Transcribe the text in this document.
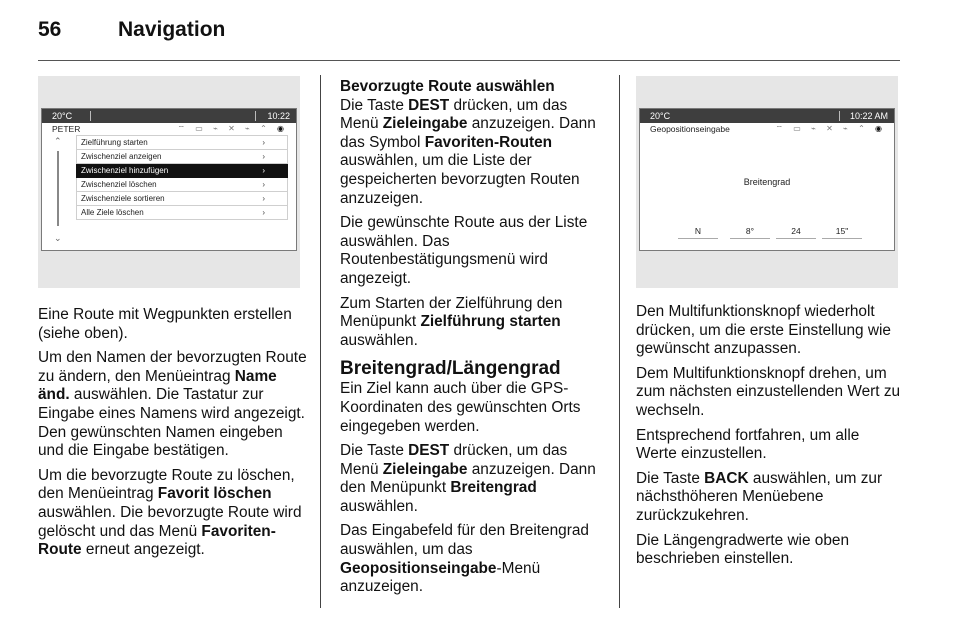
56	Navigation
20°C	10:22
PETER	⌔ ▭ ⌁ ✕ ⌁ ⌃ ◉
⌃
⌄
Zielführung starten	›
Zwischenziel anzeigen	›
Zwischenziel hinzufügen	›
Zwischenziel löschen	›
Zwischenziele sortieren	›
Alle Ziele löschen	›

Eine Route mit Wegpunkten erstellen (siehe oben).

Um den Namen der bevorzugten Route zu ändern, den Menüeintrag Name änd. auswählen. Die Tastatur zur Eingabe eines Namens wird angezeigt. Den gewünschten Namen eingeben und die Eingabe bestätigen.

Um die bevorzugte Route zu löschen, den Menüeintrag Favorit löschen auswählen. Die bevorzugte Route wird gelöscht und das Menü Favoriten-Route erneut angezeigt.

Bevorzugte Route auswählen

Die Taste DEST drücken, um das Menü Zieleingabe anzuzeigen. Dann das Symbol Favoriten-Routen auswählen, um die Liste der gespeicherten bevorzugten Routen anzuzeigen.

Die gewünschte Route aus der Liste auswählen. Das Routenbestätigungsmenü wird angezeigt.

Zum Starten der Zielführung den Menüpunkt Zielführung starten auswählen.

Breitengrad/Längengrad

Ein Ziel kann auch über die GPS-Koordinaten des gewünschten Orts eingegeben werden.

Die Taste DEST drücken, um das Menü Zieleingabe anzuzeigen. Dann den Menüpunkt Breitengrad auswählen.

Das Eingabefeld für den Breitengrad auswählen, um das Geopositionseingabe-Menü anzuzeigen.

20°C	10:22 AM
Geopositionseingabe	⌔ ▭ ⌁ ✕ ⌁ ⌃ ◉
Breitengrad
N	8°	24	15"

Den Multifunktionsknopf wiederholt drücken, um die erste Einstellung wie gewünscht anzupassen.

Dem Multifunktionsknopf drehen, um zum nächsten einzustellenden Wert zu wechseln.

Entsprechend fortfahren, um alle Werte einzustellen.

Die Taste BACK auswählen, um zur nächsthöheren Menüebene zurückzukehren.

Die Längengradwerte wie oben beschrieben einstellen.
